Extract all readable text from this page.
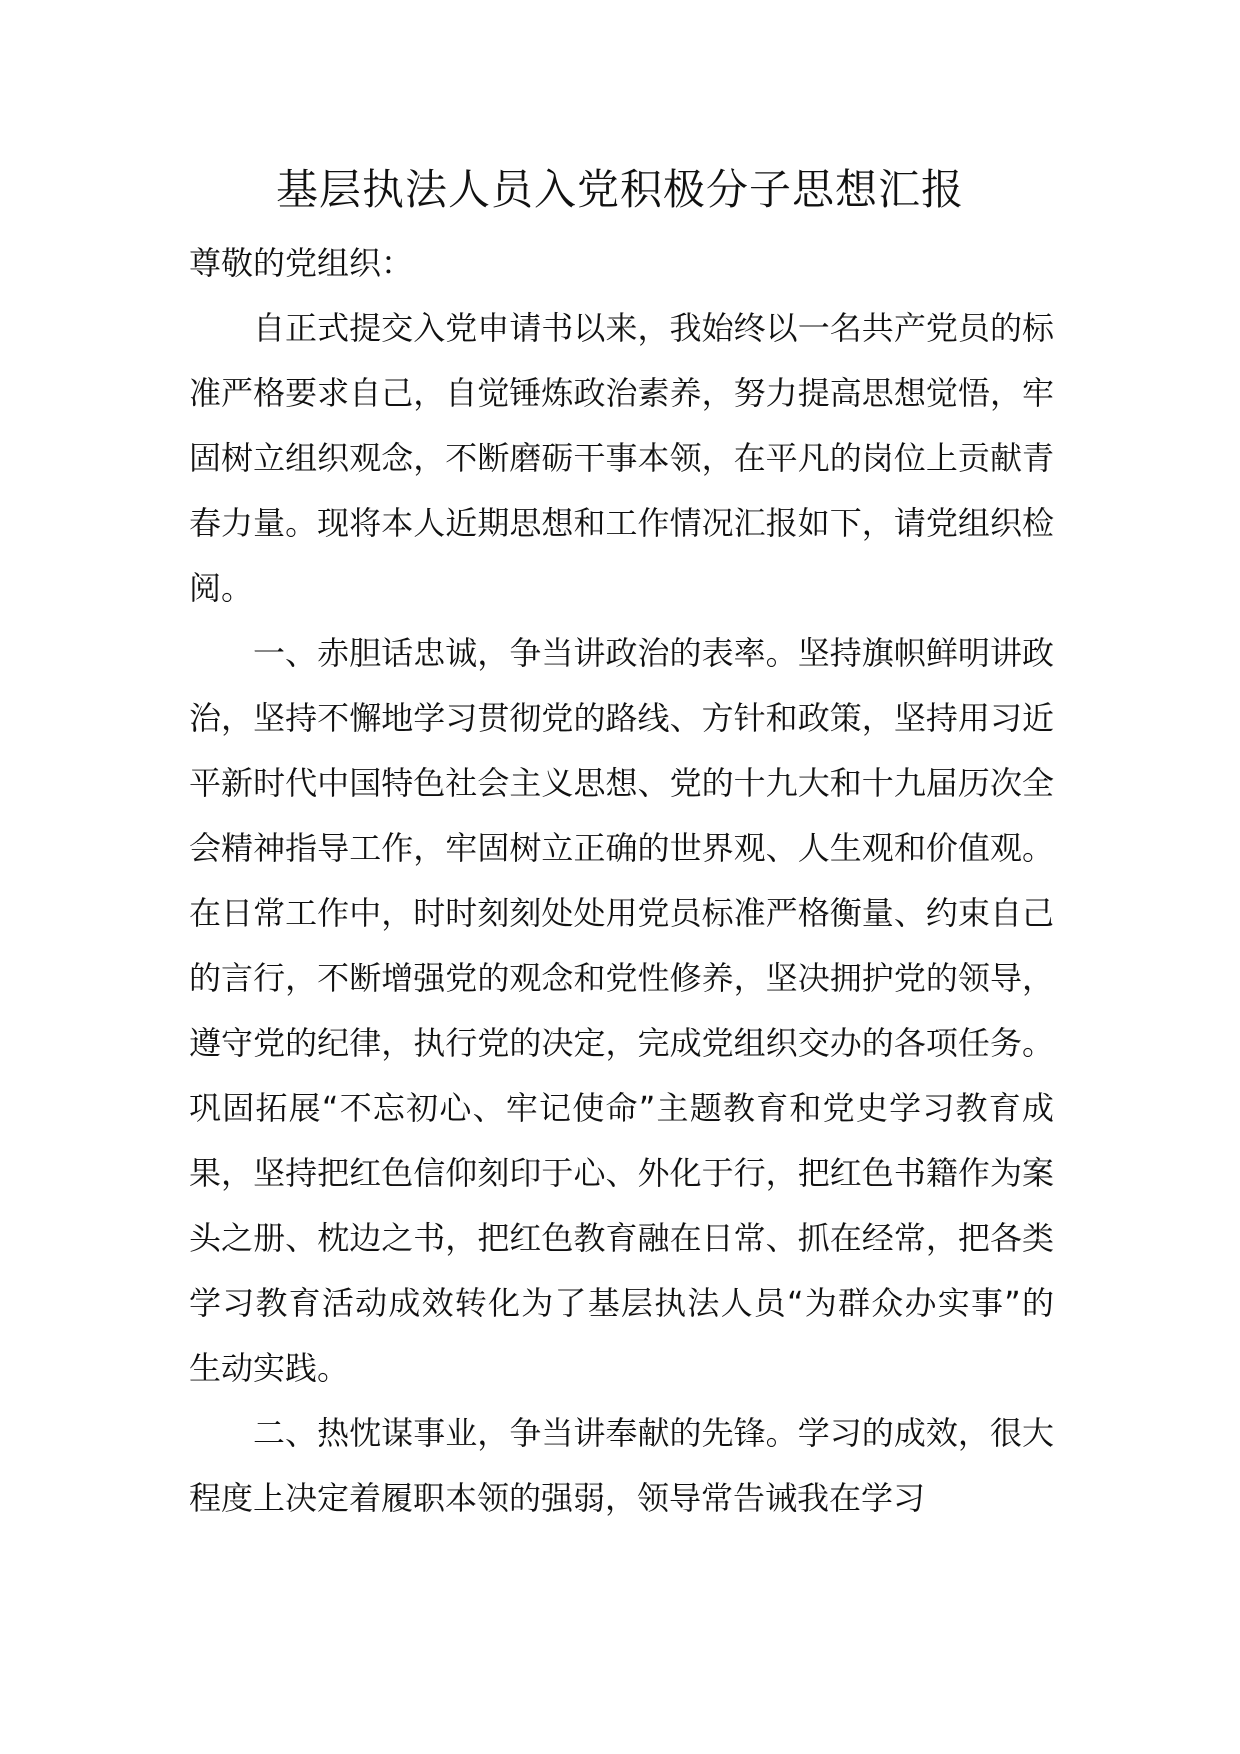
基层执法人员入党积极分子思想汇报

尊敬的党组织：

自正式提交入党申请书以来，我始终以一名共产党员的标准严格要求自己，自觉锤炼政治素养，努力提高思想觉悟，牢固树立组织观念，不断磨砺干事本领，在平凡的岗位上贡献青春力量。现将本人近期思想和工作情况汇报如下，请党组织检阅。

一、赤胆话忠诚，争当讲政治的表率。坚持旗帜鲜明讲政治，坚持不懈地学习贯彻党的路线、方针和政策，坚持用习近平新时代中国特色社会主义思想、党的十九大和十九届历次全会精神指导工作，牢固树立正确的世界观、人生观和价值观。在日常工作中，时时刻刻处处用党员标准严格衡量、约束自己的言行，不断增强党的观念和党性修养，坚决拥护党的领导，遵守党的纪律，执行党的决定，完成党组织交办的各项任务。巩固拓展“不忘初心、牢记使命”主题教育和党史学习教育成果，坚持把红色信仰刻印于心、外化于行，把红色书籍作为案头之册、枕边之书，把红色教育融在日常、抓在经常，把各类学习教育活动成效转化为了基层执法人员“为群众办实事”的生动实践。

二、热忱谋事业，争当讲奉献的先锋。学习的成效，很大程度上决定着履职本领的强弱，领导常告诫我在学习
